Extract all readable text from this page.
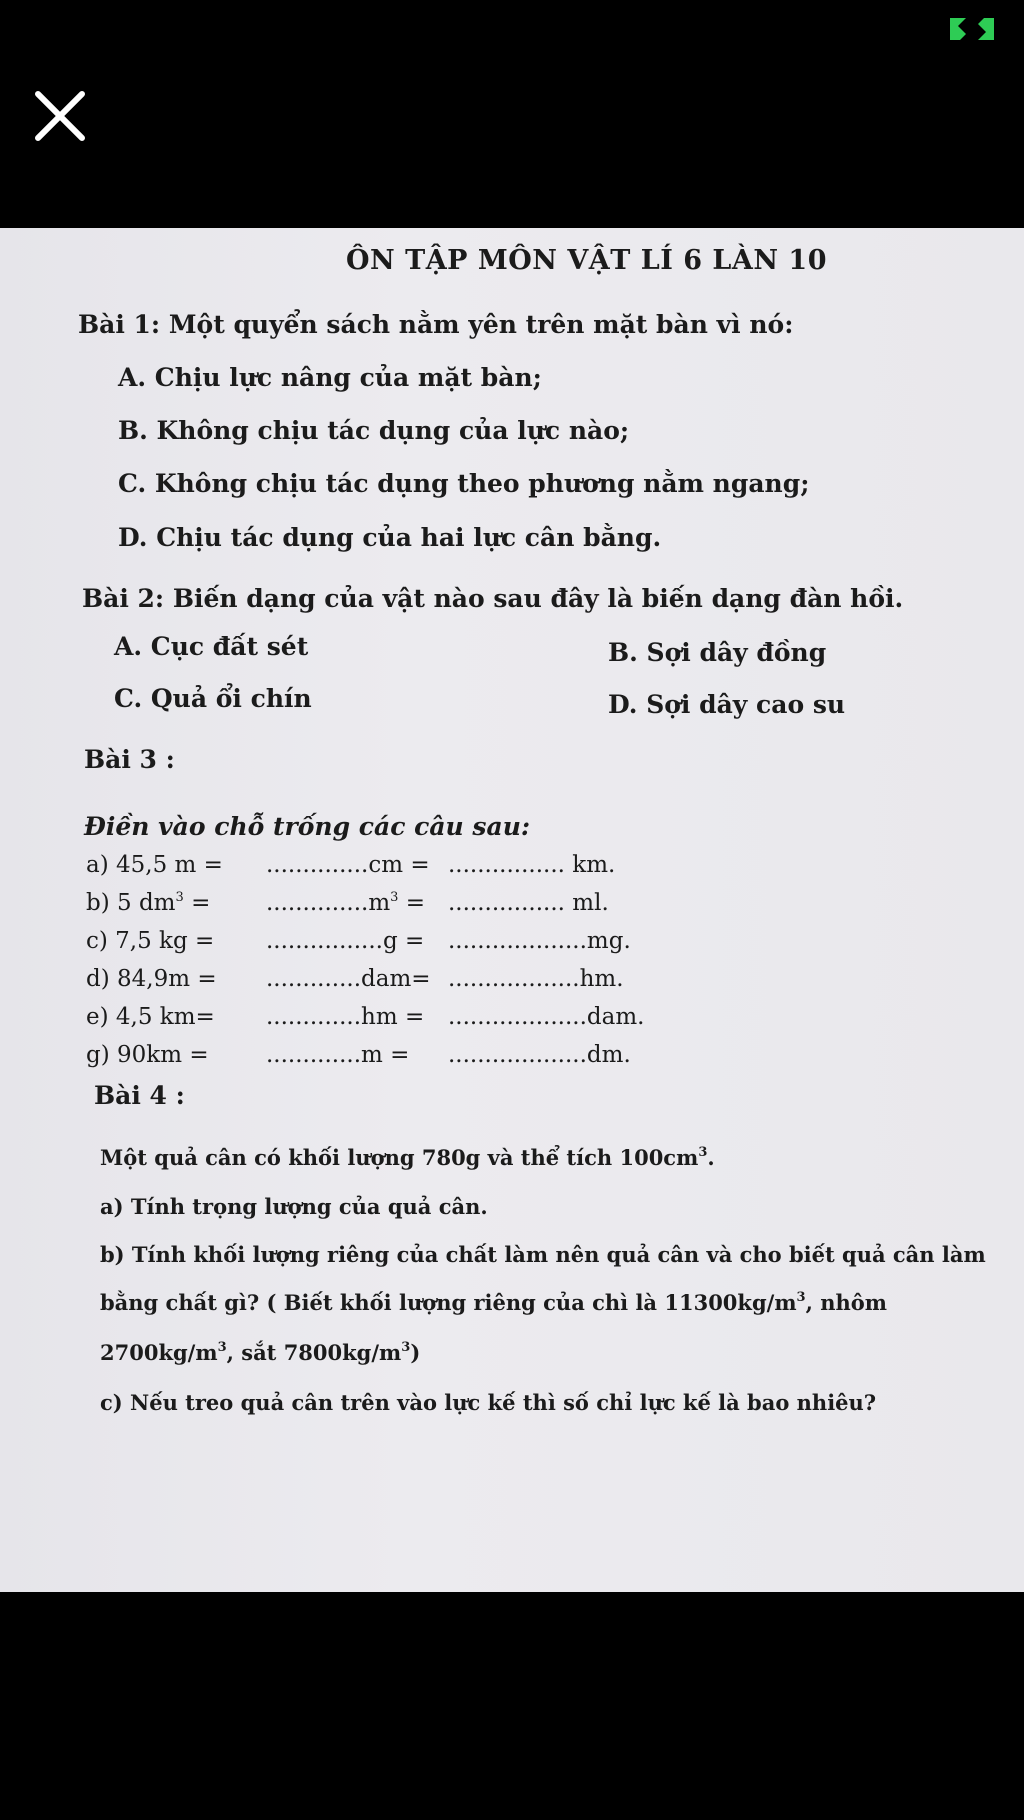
ÔN TẬP MÔN VẬT LÍ 6 LÀN 10
Bài 1: Một quyển sách nằm yên trên mặt bàn vì nó:
A. Chịu lực nâng của mặt bàn;
B. Không chịu tác dụng của lực nào;
C. Không chịu tác dụng theo phương nằm ngang;
D. Chịu tác dụng của hai lực cân bằng.
Bài 2: Biến dạng của vật nào sau đây là biến dạng đàn hồi.
A. Cục đất sét	B. Sợi dây đồng
C. Quả ổi chín	D. Sợi dây cao su
Bài 3 :
Điền vào chỗ trống các câu sau:
a) 45,5 m = ..............cm = ................ km.
b) 5 $dm^3 = ..............m^3$ = ................ ml.
c) 7,5 kg = ................g = ...................mg.
d) 84,9m = .............dam= ..................hm.
e) 4,5 km= .............hm = ...................dam.
g) 90km = .............m = ...................dm.
Bài 4 :
Một quả cân có khối lượng 780g và thể tích $100cm^3$.
a) Tính trọng lượng của quả cân.
b) Tính khối lượng riêng của chất làm nên quả cân và cho biết quả cân làm
bằng chất gì? ( Biết khối lượng riêng của chì là $11300kg/m^3$, nhôm
$2700kg/m^3$, sắt $7800kg/m^3$)
c) Nếu treo quả cân trên vào lực kế thì số chỉ lực kế là bao nhiêu?
